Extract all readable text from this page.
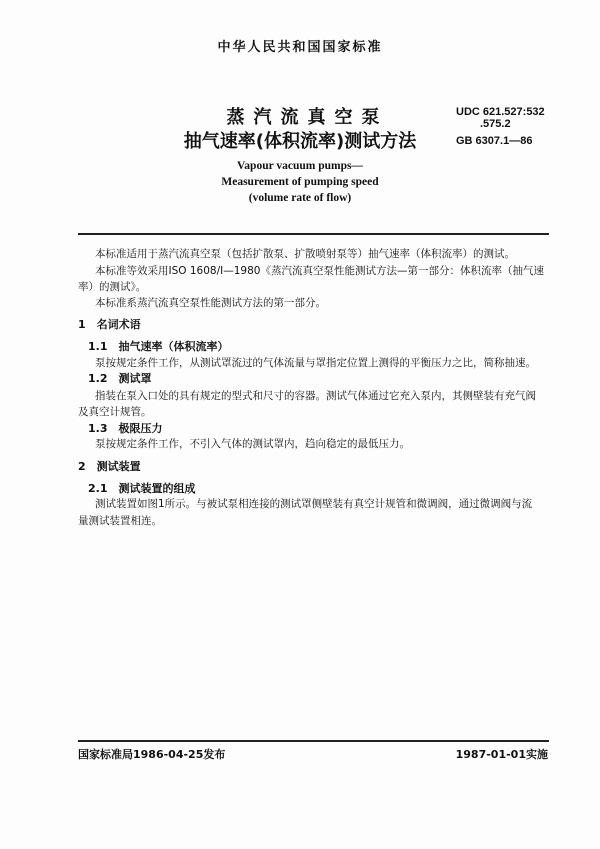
中华人民共和国国家标准
蒸汽流真空泵
抽气速率(体积流率)测试方法
UDC 621.527:532
.575.2
GB 6307.1—86
Vapour vacuum pumps—
Measurement of pumping speed
(volume rate of flow)
本标准适用于蒸汽流真空泵（包括扩散泵、扩散喷射泵等）抽气速率（体积流率）的测试。
本标准等效采用ISO 1608/Ⅰ—1980《蒸汽流真空泵性能测试方法—第一部分：体积流率（抽气速
率）的测试》。
本标准系蒸汽流真空泵性能测试方法的第一部分。
1　名词术语
1.1　抽气速率（体积流率）
泵按规定条件工作，从测试罩流过的气体流量与罩指定位置上测得的平衡压力之比，简称抽速。
1.2　测试罩
指装在泵入口处的具有规定的型式和尺寸的容器。测试气体通过它充入泵内，其侧壁装有充气阀
及真空计规管。
1.3　极限压力
泵按规定条件工作，不引入气体的测试罩内，趋向稳定的最低压力。
2　测试装置
2.1　测试装置的组成
测试装置如图1所示。与被试泵相连接的测试罩侧壁装有真空计规管和微调阀，通过微调阀与流
量测试装置相连。
国家标准局1986-04-25发布	1987-01-01实施
